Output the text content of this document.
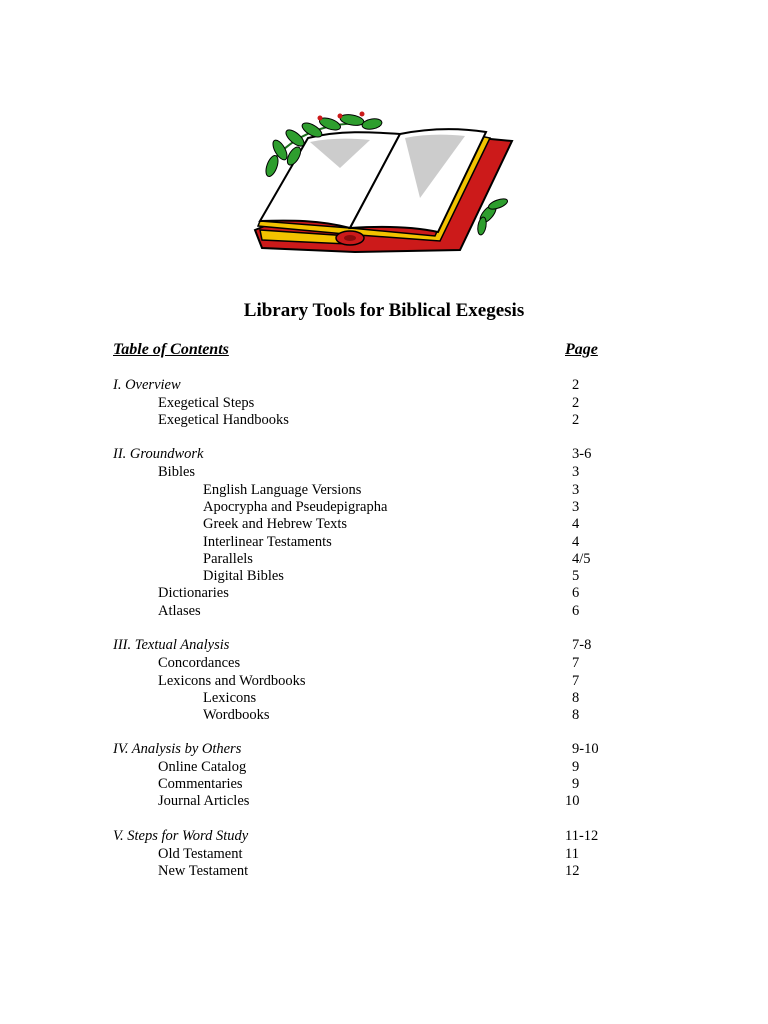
Library Tools for Biblical Exegesis
Table of Contents	Page
I. Overview	2
Exegetical Steps	2
Exegetical Handbooks	2
II. Groundwork	3-6
Bibles	3
English Language Versions	3
Apocrypha and Pseudepigrapha	3
Greek and Hebrew Texts	4
Interlinear Testaments	4
Parallels	4/5
Digital Bibles	5
Dictionaries	6
Atlases	6
III. Textual Analysis	7-8
Concordances	7
Lexicons and Wordbooks	7
Lexicons	8
Wordbooks	8
IV. Analysis by Others	9-10
Online Catalog	9
Commentaries	9
Journal Articles	10
V. Steps for Word Study	11-12
Old Testament	11
New Testament	12
